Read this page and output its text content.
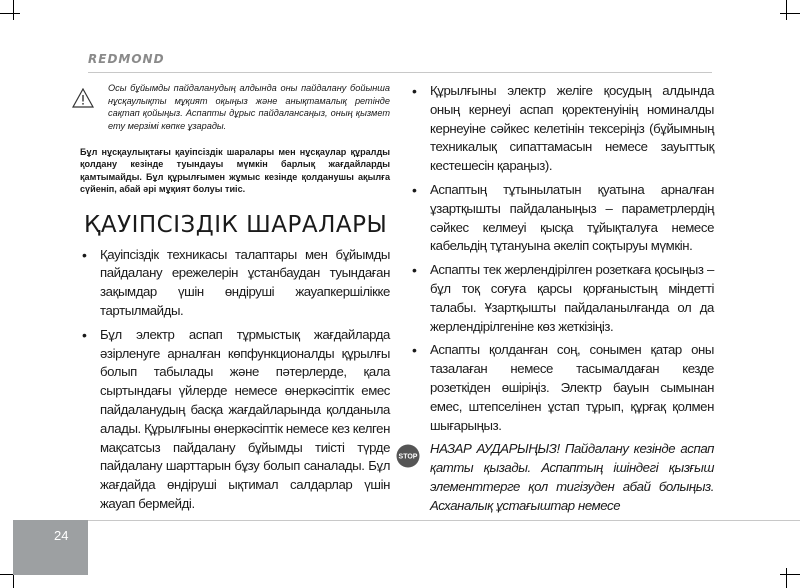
REDMOND

Осы бұйымды пайдаланудың алдында оны пайдалану бойынша нұсқаулықты мұқият оқыңыз және анықтамалық ретінде сақтап қойыңыз. Аспапты дұрыс пайдалансаңыз, оның қызмет ету мерзімі көпке ұзарады.

Бұл нұсқаулықтағы қауіпсіздік шаралары мен нұсқаулар құралды қолдану кезінде туындауы мүмкін барлық жағдайларды қамтымайды. Бұл құрылғымен жұмыс кезінде қолданушы ақылға сүйеніп, абай әрі мұқият болуы тиіс.

ҚАУІПСІЗДІК ШАРАЛАРЫ
• Қауіпсіздік техникасы талаптары мен бұйымды пайдалану ережелерін ұстанбаудан туындаған зақымдар үшін өндіруші жауапкершілікке тартылмайды.
• Бұл электр аспап тұрмыстық жағдайларда әзірленуге арналған көпфункционалды құрылғы болып табылады және пәтерлерде, қала сыртындағы үйлерде немесе өнеркәсіптік емес пайдаланудың басқа жағдайларында қолданыла алады. Құрылғыны өнеркәсіптік немесе кез келген мақсатсыз пайдалану бұйымды тиісті түрде пайдалану шарттарын бұзу болып саналады. Бұл жағдайда өндіруші ықтимал салдарлар үшін жауап бермейді.
• Құрылғыны электр желіге қосудың алдында оның кернеуі аспап қоректенуінің номиналды кернеуіне сәйкес келетінін тексеріңіз (бұйымның техникалық сипаттамасын немесе зауыттық кестешесін қараңыз).
• Аспаптың тұтынылатын қуатына арналған ұзартқышты пайдаланыңыз – параметрлердің сәйкес келмеуі қысқа тұйықталуға немесе кабельдің тұтануына әкеліп соқтыруы мүмкін.
• Аспапты тек жерлендірілген розеткаға қосыңыз – бұл тоқ соғуға қарсы қорғаныстың міндетті талабы. Ұзартқышты пайдаланылғанда ол да жерлендірілгеніне көз жеткізіңіз.
• Аспапты қолданған соң, сонымен қатар оны тазалаған немесе тасымалдаған кезде розеткіден өшіріңіз. Электр бауын сымынан емес, штепселінен ұстап тұрып, құрғақ қолмен шығарыңыз.
STOP

НАЗАР АУДАРЫҢЫЗ! Пайдалану кезінде аспап қатты қызады. Аспаптың ішіндегі қызғыш элементтерге қол тигізуден абай болыңыз. Асханалық ұстағыштар немесе

24
